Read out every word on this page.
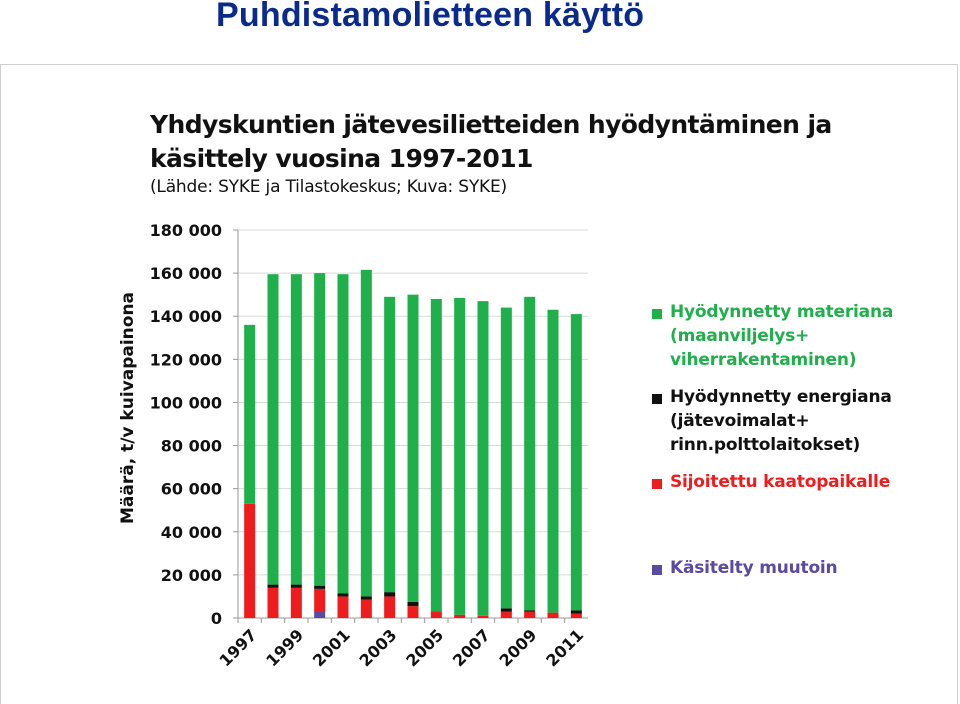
Puhdistamolietteen käyttö
Yhdyskuntien jätevesilietteiden hyödyntäminen ja käsittely vuosina 1997-2011

(Lähde: SYKE ja Tilastokeskus; Kuva: SYKE)

0
20 000
40 000
60 000
80 000
100 000
120 000
140 000
160 000
180 000
1997 1999 2001 2003 2005 2007 2009 2011
Määrä, t/v kuivapainona	Hyödynnetty materiana
(maanviljelys+
viherrakentaminen)
Hyödynnetty energiana
(jätevoimalat+
rinn.polttolaitokset)
Sijoitettu kaatopaikalle
Käsitelty muutoin
